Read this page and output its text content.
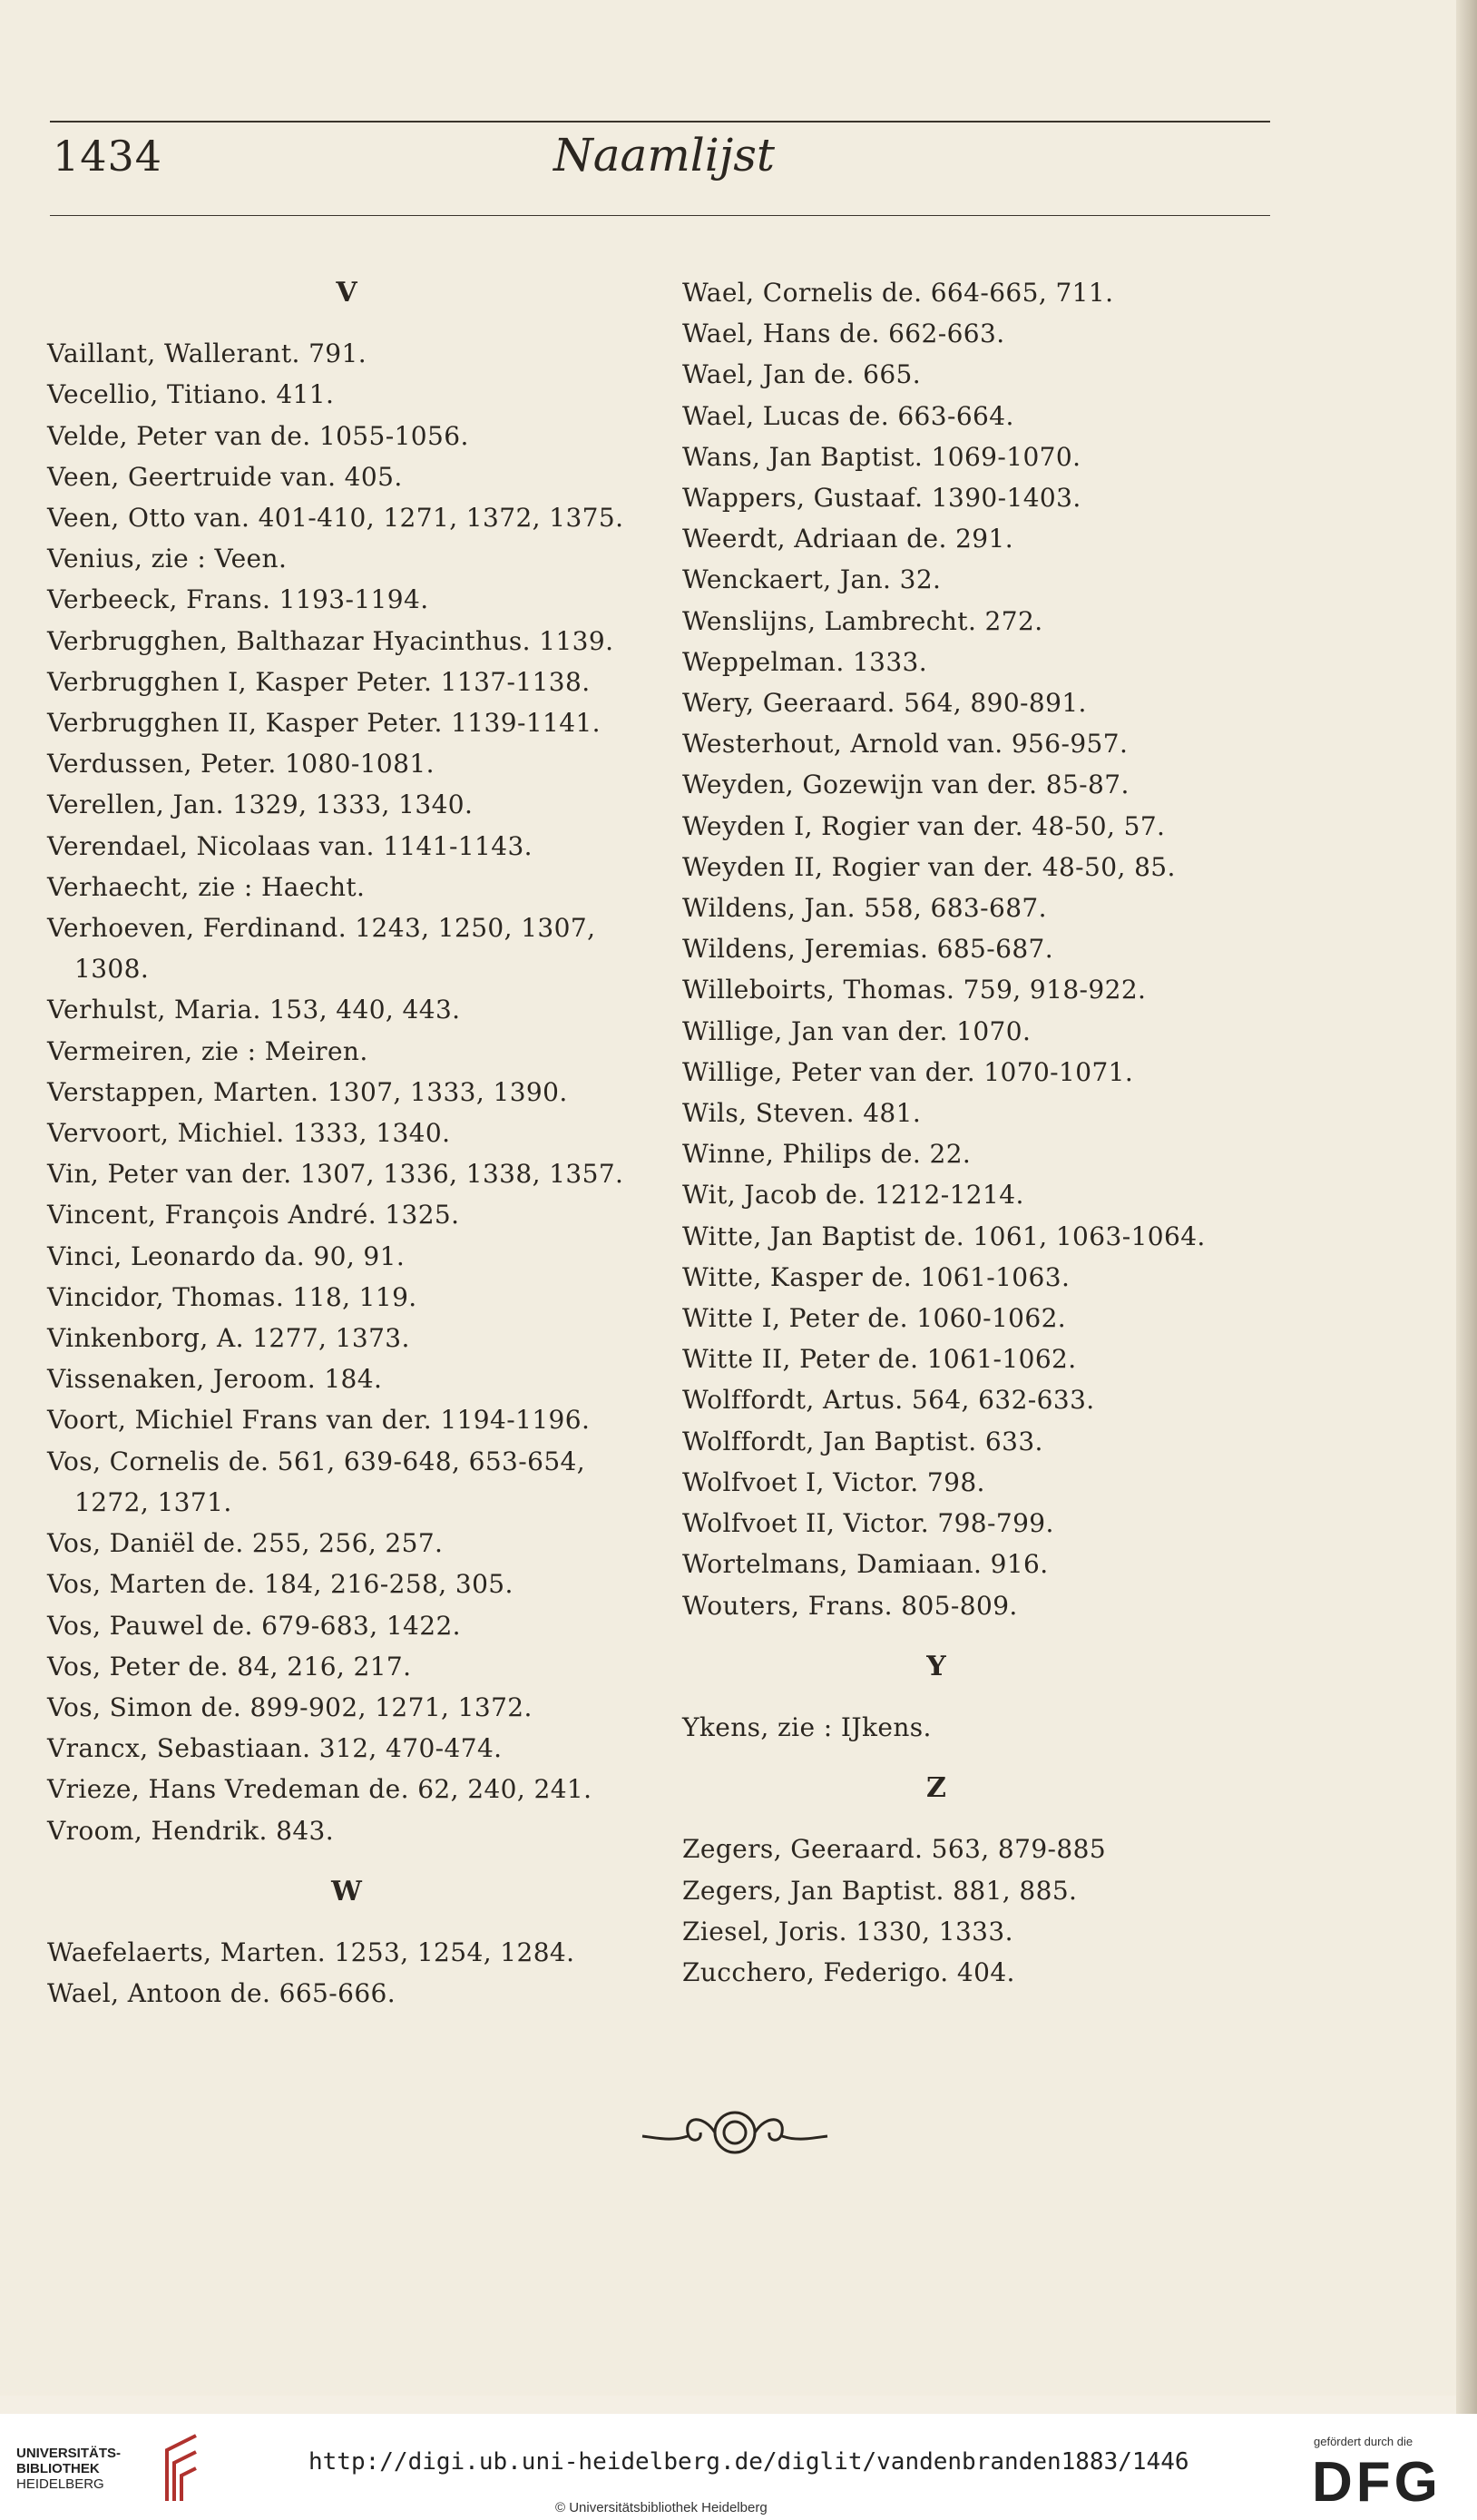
1434	Naamlijst
V
Vaillant, Wallerant. 791.
Vecellio, Titiano. 411.
Velde, Peter van de. 1055-1056.
Veen, Geertruide van. 405.
Veen, Otto van. 401-410, 1271, 1372, 1375.
Venius, zie : Veen.
Verbeeck, Frans. 1193-1194.
Verbrugghen, Balthazar Hyacinthus. 1139.
Verbrugghen I, Kasper Peter. 1137-1138.
Verbrugghen II, Kasper Peter. 1139-1141.
Verdussen, Peter. 1080-1081.
Verellen, Jan. 1329, 1333, 1340.
Verendael, Nicolaas van. 1141-1143.
Verhaecht, zie : Haecht.
Verhoeven, Ferdinand. 1243, 1250, 1307,
1308.
Verhulst, Maria. 153, 440, 443.
Vermeiren, zie : Meiren.
Verstappen, Marten. 1307, 1333, 1390.
Vervoort, Michiel. 1333, 1340.
Vin, Peter van der. 1307, 1336, 1338, 1357.
Vincent, François André. 1325.
Vinci, Leonardo da. 90, 91.
Vincidor, Thomas. 118, 119.
Vinkenborg, A. 1277, 1373.
Vissenaken, Jeroom. 184.
Voort, Michiel Frans van der. 1194-1196.
Vos, Cornelis de. 561, 639-648, 653-654,
1272, 1371.
Vos, Daniël de. 255, 256, 257.
Vos, Marten de. 184, 216-258, 305.
Vos, Pauwel de. 679-683, 1422.
Vos, Peter de. 84, 216, 217.
Vos, Simon de. 899-902, 1271, 1372.
Vrancx, Sebastiaan. 312, 470-474.
Vrieze, Hans Vredeman de. 62, 240, 241.
Vroom, Hendrik. 843.
W
Waefelaerts, Marten. 1253, 1254, 1284.
Wael, Antoon de. 665-666.
Wael, Cornelis de. 664-665, 711.
Wael, Hans de. 662-663.
Wael, Jan de. 665.
Wael, Lucas de. 663-664.
Wans, Jan Baptist. 1069-1070.
Wappers, Gustaaf. 1390-1403.
Weerdt, Adriaan de. 291.
Wenckaert, Jan. 32.
Wenslijns, Lambrecht. 272.
Weppelman. 1333.
Wery, Geeraard. 564, 890-891.
Westerhout, Arnold van. 956-957.
Weyden, Gozewijn van der. 85-87.
Weyden I, Rogier van der. 48-50, 57.
Weyden II, Rogier van der. 48-50, 85.
Wildens, Jan. 558, 683-687.
Wildens, Jeremias. 685-687.
Willeboirts, Thomas. 759, 918-922.
Willige, Jan van der. 1070.
Willige, Peter van der. 1070-1071.
Wils, Steven. 481.
Winne, Philips de. 22.
Wit, Jacob de. 1212-1214.
Witte, Jan Baptist de. 1061, 1063-1064.
Witte, Kasper de. 1061-1063.
Witte I, Peter de. 1060-1062.
Witte II, Peter de. 1061-1062.
Wolffordt, Artus. 564, 632-633.
Wolffordt, Jan Baptist. 633.
Wolfvoet I, Victor. 798.
Wolfvoet II, Victor. 798-799.
Wortelmans, Damiaan. 916.
Wouters, Frans. 805-809.
Y
Ykens, zie : IJkens.
Z
Zegers, Geeraard. 563, 879-885
Zegers, Jan Baptist. 881, 885.
Ziesel, Joris. 1330, 1333.
Zucchero, Federigo. 404.
UNIVERSITÄTS-
BIBLIOTHEK
HEIDELBERG
http://digi.ub.uni-heidelberg.de/diglit/vandenbranden1883/1446
© Universitätsbibliothek Heidelberg
gefördert durch die
DFG
